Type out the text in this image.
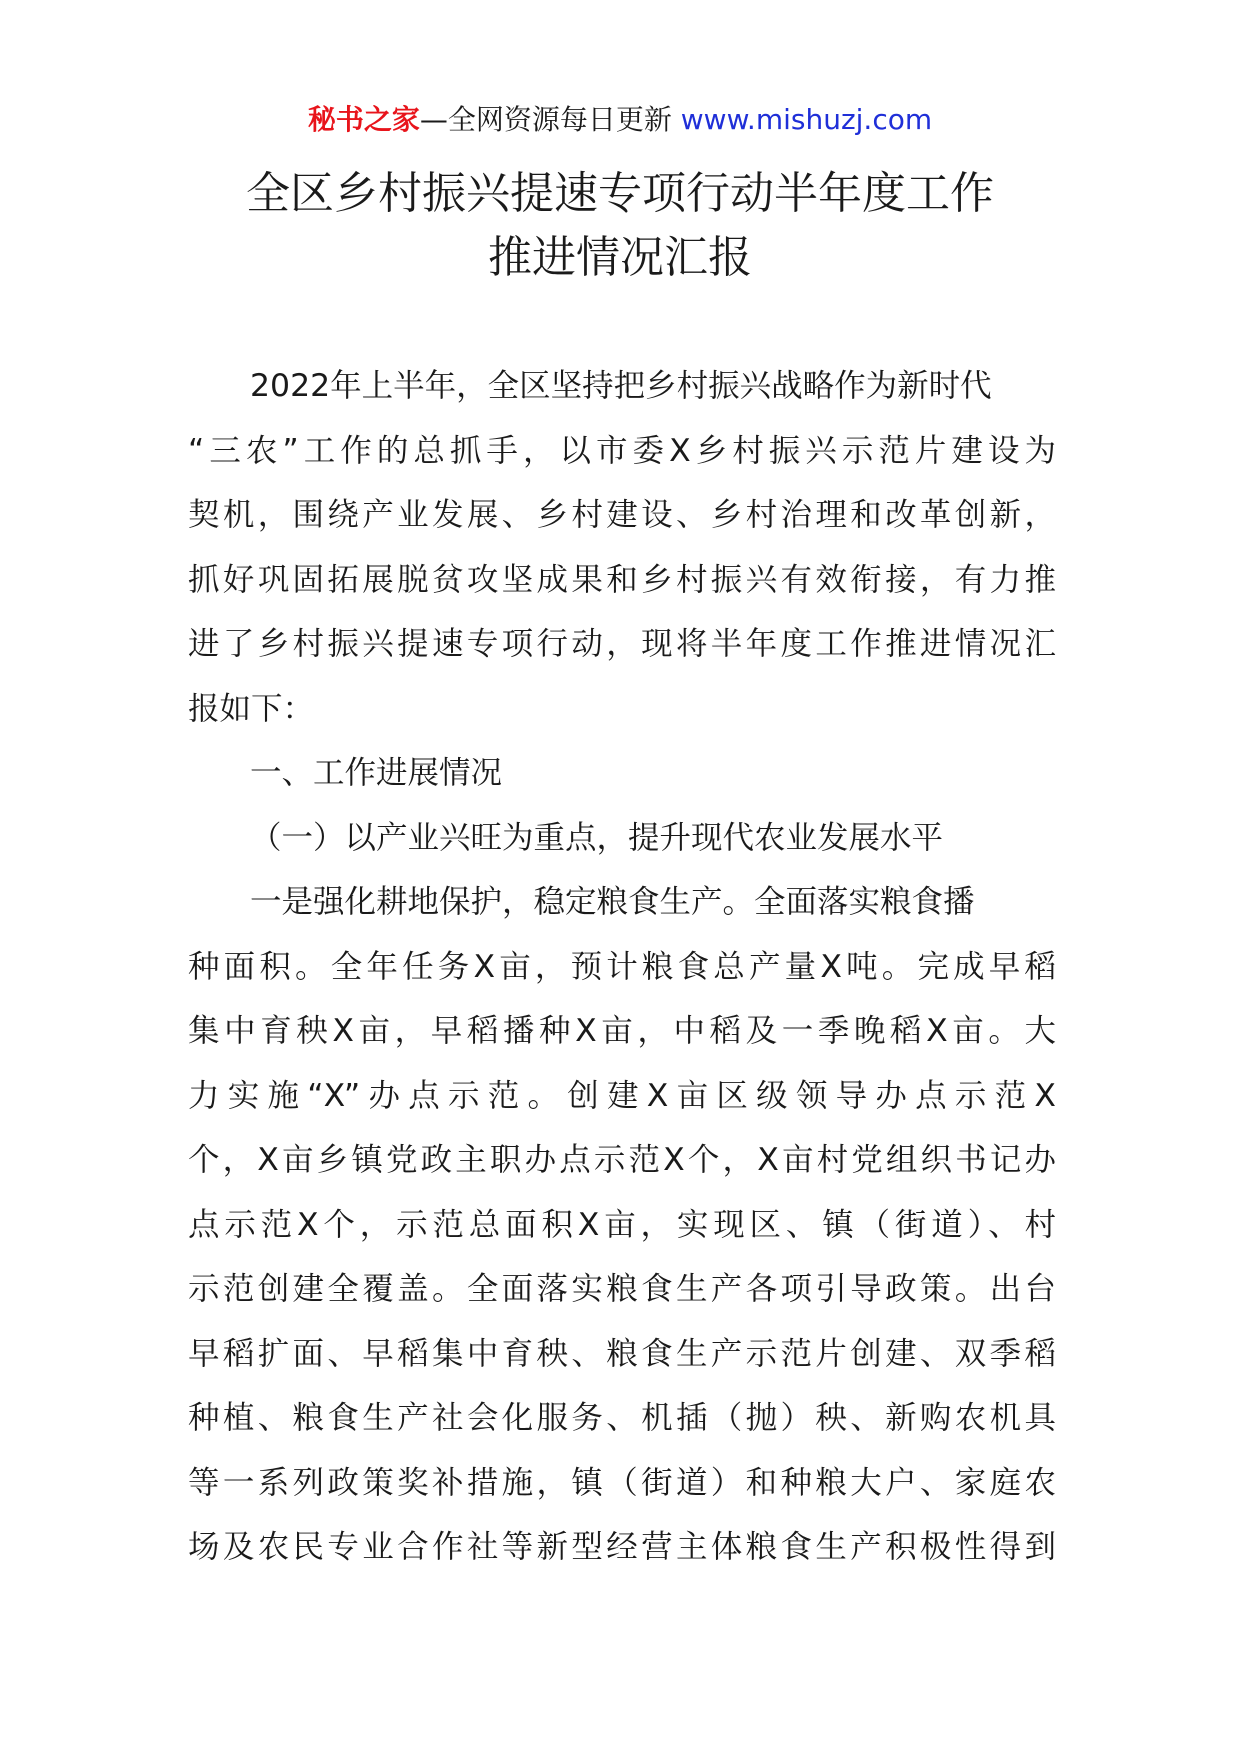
秘书之家—全网资源每日更新 www.mishuzj.com
全区乡村振兴提速专项行动半年度工作
推进情况汇报
2022年上半年，全区坚持把乡村振兴战略作为新时代
“三农”工作的总抓手，以市委X乡村振兴示范片建设为
契机，围绕产业发展、乡村建设、乡村治理和改革创新，
抓好巩固拓展脱贫攻坚成果和乡村振兴有效衔接，有力推
进了乡村振兴提速专项行动，现将半年度工作推进情况汇
报如下：
一、工作进展情况
（一）以产业兴旺为重点，提升现代农业发展水平
一是强化耕地保护，稳定粮食生产。全面落实粮食播
种面积。全年任务X亩，预计粮食总产量X吨。完成早稻
集中育秧X亩，早稻播种X亩，中稻及一季晚稻X亩。大
力实施“X”办点示范。创建X亩区级领导办点示范X
个，X亩乡镇党政主职办点示范X个，X亩村党组织书记办
点示范X个，示范总面积X亩，实现区、镇（街道）、村
示范创建全覆盖。全面落实粮食生产各项引导政策。出台
早稻扩面、早稻集中育秧、粮食生产示范片创建、双季稻
种植、粮食生产社会化服务、机插（抛）秧、新购农机具
等一系列政策奖补措施，镇（街道）和种粮大户、家庭农
场及农民专业合作社等新型经营主体粮食生产积极性得到
